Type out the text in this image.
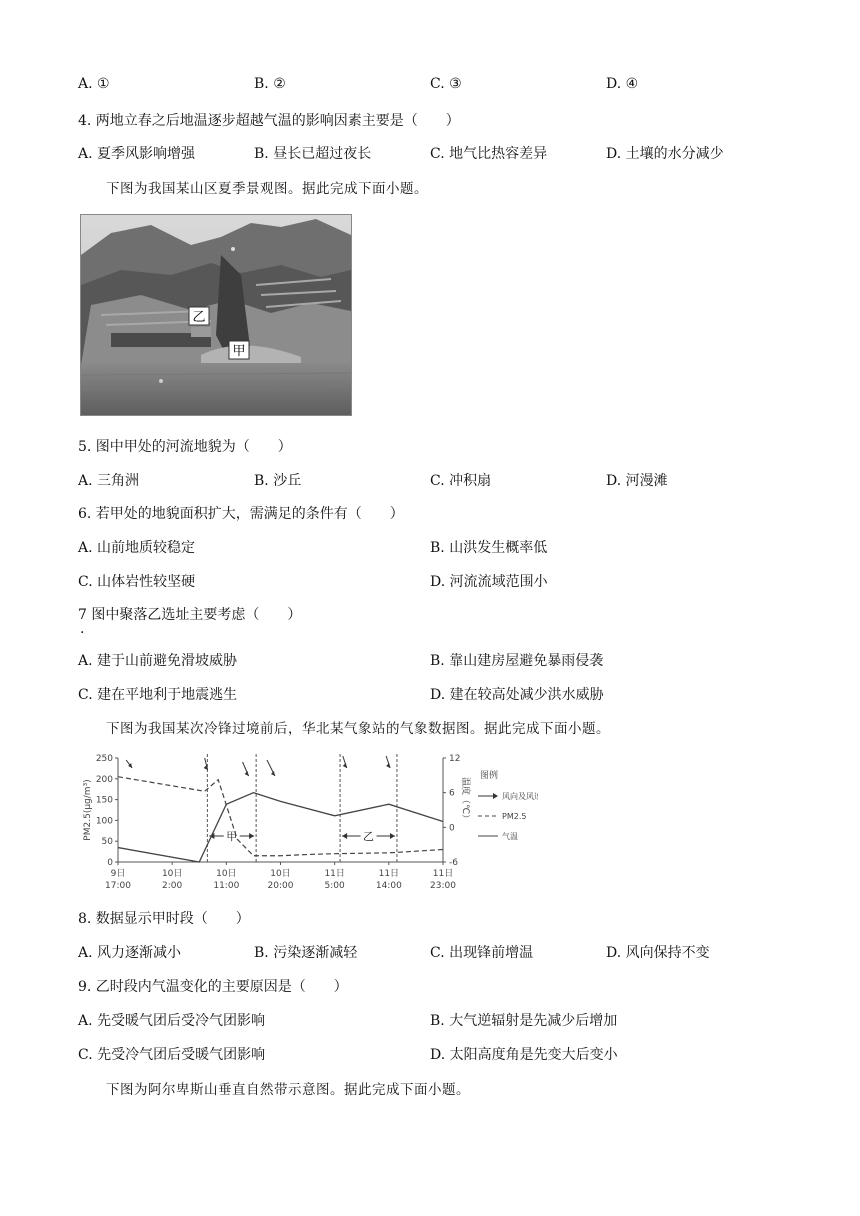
A. ①	B. ②	C. ③	D. ④
4. 两地立春之后地温逐步超越气温的影响因素主要是（　　）
A. 夏季风影响增强	B. 昼长已超过夜长	C. 地气比热容差异	D. 土壤的水分减少
下图为我国某山区夏季景观图。据此完成下面小题。
乙
甲
5. 图中甲处的河流地貌为（　　）
A. 三角洲	B. 沙丘	C. 冲积扇	D. 河漫滩
6. 若甲处的地貌面积扩大，需满足的条件有（　　）
A. 山前地质较稳定	B. 山洪发生概率低
C. 山体岩性较坚硬	D. 河流流域范围小
7 图中聚落乙选址主要考虑（　　）
·
A. 建于山前避免滑坡威胁	B. 靠山建房屋避免暴雨侵袭
C. 建在平地利于地震逃生	D. 建在较高处减少洪水威胁
下图为我国某次冷锋过境前后，华北某气象站的气象数据图。据此完成下面小题。
0
50
100
150
200
250
-6
0
6
12
PM2.5(μg/m³)	温度（℃）
9日
17:00
10日
2:00
10日
11:00
10日
20:00
11日
5:00
11日
14:00
11日
23:00
甲	乙
图例
风向及风速
PM2.5
气温
8. 数据显示甲时段（　　）
A. 风力逐渐减小	B. 污染逐渐减轻	C. 出现锋前增温	D. 风向保持不变
9. 乙时段内气温变化的主要原因是（　　）
A. 先受暖气团后受冷气团影响	B. 大气逆辐射是先减少后增加
C. 先受冷气团后受暖气团影响	D. 太阳高度角是先变大后变小
下图为阿尔卑斯山垂直自然带示意图。据此完成下面小题。
